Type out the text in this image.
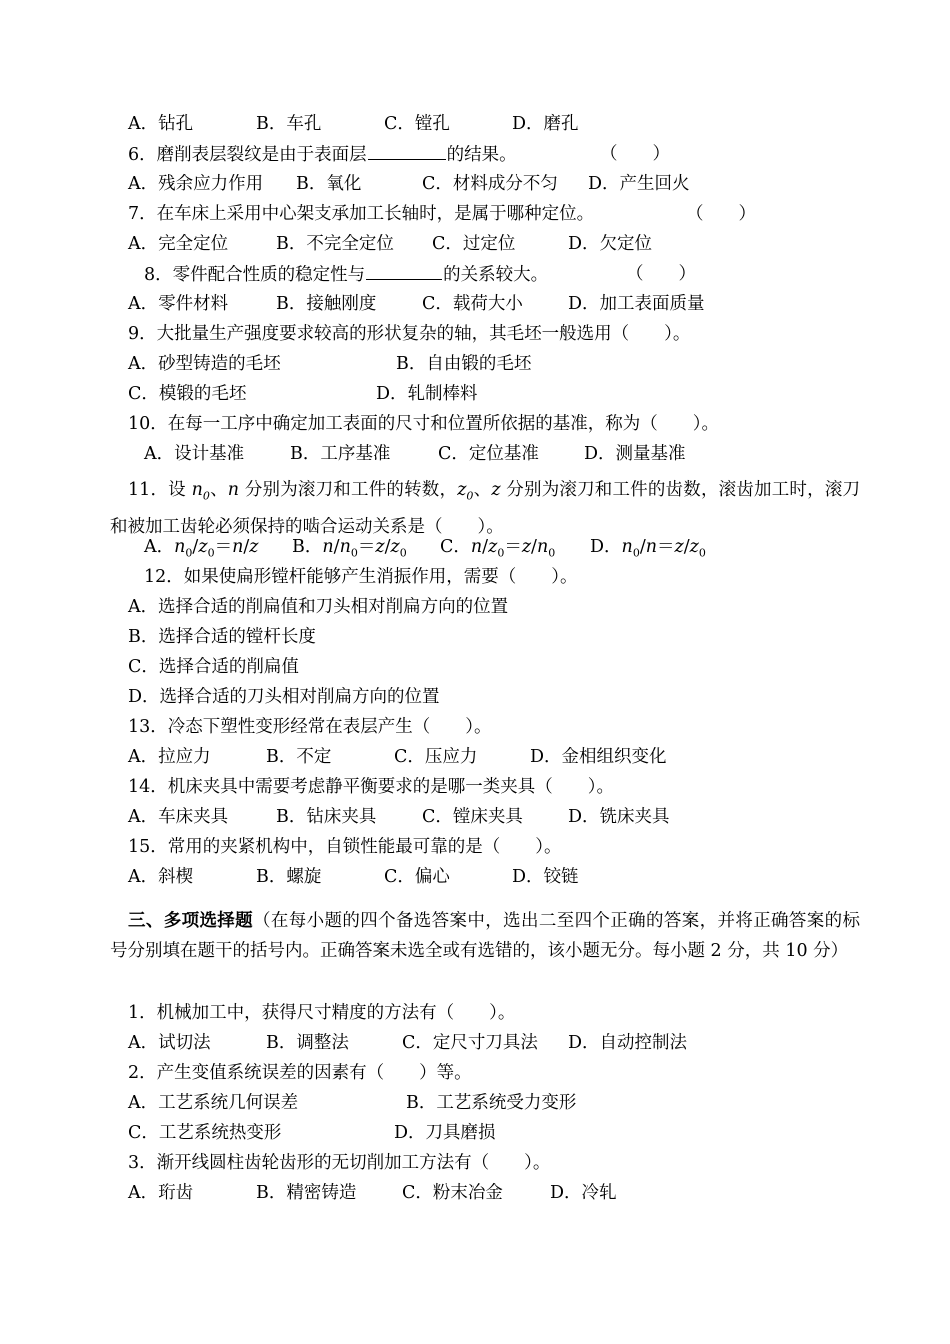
A．钻孔	B．车孔	C．镗孔	D．磨孔
6．磨削表层裂纹是由于表面层	的结果。	（　　）
A．残余应力作用 B．氧化	C．材料成分不匀 D．产生回火
7．在车床上采用中心架支承加工长轴时，是属于哪种定位。	（　　）
A．完全定位	B．不完全定位 C．过定位	D．欠定位
8．零件配合性质的稳定性与	的关系较大。	（　　）
A．零件材料	B．接触刚度	C．载荷大小	D．加工表面质量
9．大批量生产强度要求较高的形状复杂的轴，其毛坯一般选用（　　）。
A．砂型铸造的毛坯	B．自由锻的毛坯
C．模锻的毛坯	D．轧制棒料
10．在每一工序中确定加工表面的尺寸和位置所依据的基准，称为（　　）。
A．设计基准	B．工序基准	C．定位基准	D．测量基准
11．设 $n_0$、n 分别为滚刀和工件的转数，$z_0$、z 分别为滚刀和工件的齿数，滚齿加工时，滚刀和被加工齿轮必须保持的啮合运动关系是（　　）。
A．$n_0/z_0=n/z$ B．$n/n_0=z/z_0$ C．$n/z_0=z/n_0$ D．$n_0/n=z/z_0$
12．如果使扁形镗杆能够产生消振作用，需要（　　）。
A．选择合适的削扁值和刀头相对削扁方向的位置
B．选择合适的镗杆长度
C．选择合适的削扁值
D．选择合适的刀头相对削扁方向的位置
13．冷态下塑性变形经常在表层产生（　　）。
A．拉应力	B．不定	C．压应力	D．金相组织变化
14．机床夹具中需要考虑静平衡要求的是哪一类夹具（　　）。
A．车床夹具	B．钻床夹具	C．镗床夹具	D．铣床夹具
15．常用的夹紧机构中，自锁性能最可靠的是（　　）。
A．斜楔	B．螺旋	C．偏心	D．铰链
三、多项选择题（在每小题的四个备选答案中，选出二至四个正确的答案，并将正确答案的标号分别填在题干的括号内。正确答案未选全或有选错的，该小题无分。每小题 2 分，共 10 分）
1．机械加工中，获得尺寸精度的方法有（　　）。
A．试切法	B．调整法	C．定尺寸刀具法 D．自动控制法
2．产生变值系统误差的因素有（　　）等。
A．工艺系统几何误差	B．工艺系统受力变形
C．工艺系统热变形	D．刀具磨损
3．渐开线圆柱齿轮齿形的无切削加工方法有（　　）。
A．珩齿	B．精密铸造	C．粉末冶金	D．冷轧
